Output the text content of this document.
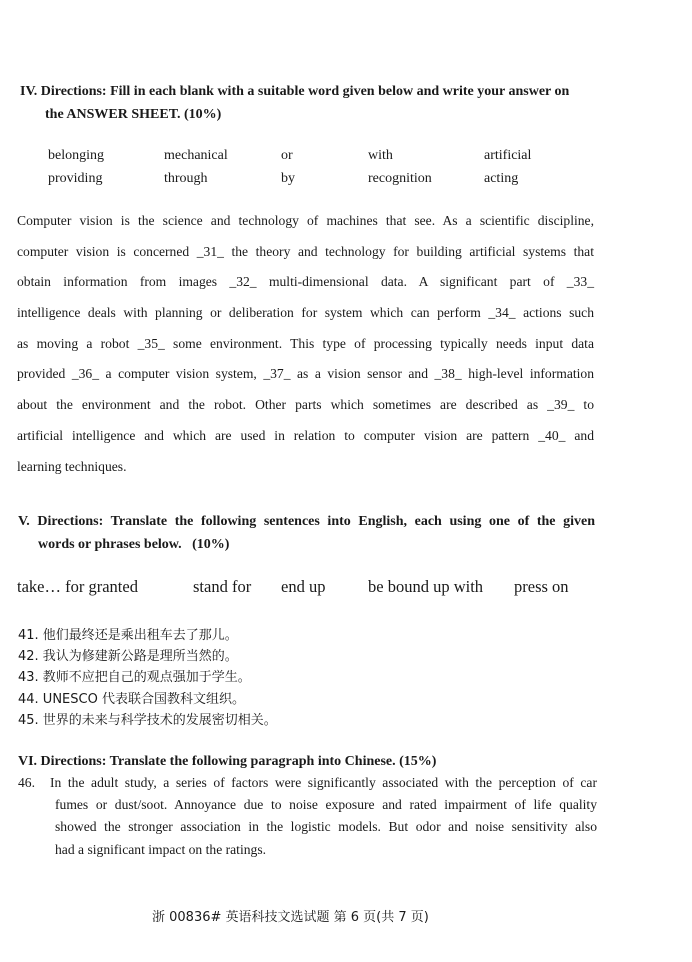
IV. Directions: Fill in each blank with a suitable word given below and write your answer on
the ANSWER SHEET. (10%)
belonging	mechanical	or	with	artificial
providing	through	by	recognition	acting
Computer vision is the science and technology of machines that see. As a scientific discipline,
computer vision is concerned _31_ the theory and technology for building artificial systems that
obtain information from images _32_ multi-dimensional data. A significant part of _33_
intelligence deals with planning or deliberation for system which can perform _34_ actions such
as moving a robot _35_ some environment. This type of processing typically needs input data
provided _36_ a computer vision system, _37_ as a vision sensor and _38_ high-level information
about the environment and the robot. Other parts which sometimes are described as _39_ to
artificial intelligence and which are used in relation to computer vision are pattern _40_ and
learning techniques.
V. Directions: Translate the following sentences into English, each using one of the given
words or phrases below.   (10%)
take… for granted	stand for end up	be bound up with press on
41. 他们最终还是乘出租车去了那儿。
42. 我认为修建新公路是理所当然的。
43. 教师不应把自己的观点强加于学生。
44. UNESCO 代表联合国教科文组织。
45. 世界的未来与科学技术的发展密切相关。
VI. Directions: Translate the following paragraph into Chinese. (15%)
46. In the adult study, a series of factors were significantly associated with the perception of car
fumes or dust/soot. Annoyance due to noise exposure and rated impairment of life quality
showed the stronger association in the logistic models. But odor and noise sensitivity also
had a significant impact on the ratings.
浙 00836# 英语科技文选试题 第 6 页(共 7 页)
